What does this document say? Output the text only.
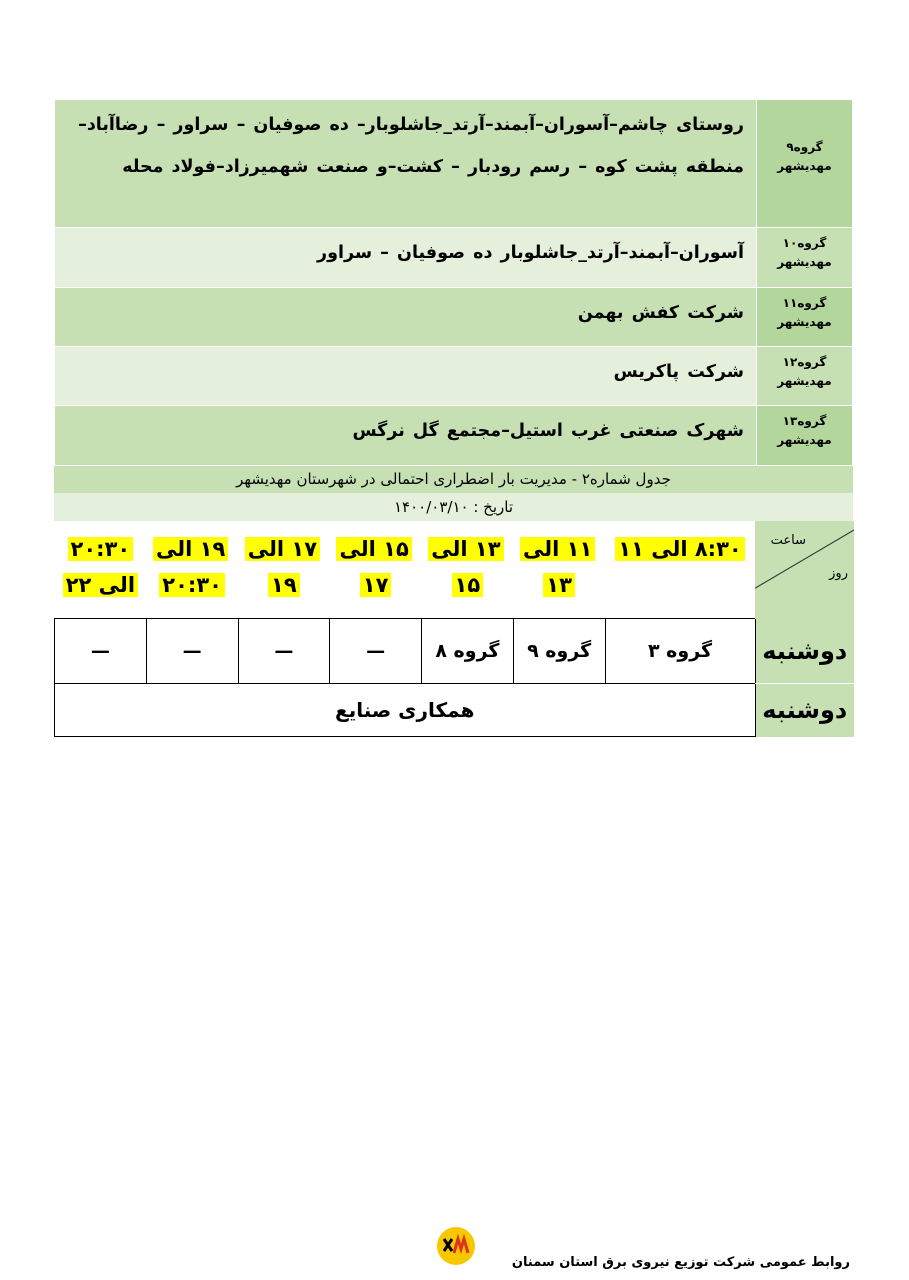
گروه۹
مهدیشهر	روستای چاشم–آسوران–آبمند–آرتد_جاشلوبار– ده صوفیان – سراور – رضاآباد–منطقه پشت کوه – رسم رودبار – کشت–و صنعت شهمیرزاد–فولاد محله

گروه۱۰
مهدیشهر	آسوران–آبمند–آرتد_جاشلوبار ده صوفیان – سراور

گروه۱۱
مهدیشهر	شرکت کفش بهمن

گروه۱۲
مهدیشهر	شرکت پاکریس

گروه۱۳
مهدیشهر	شهرک صنعتی غرب استیل–مجتمع گل نرگس
جدول شماره۲ - مدیریت بار اضطراری احتمالی در شهرستان مهدیشهر
تاریخ : ۱۴۰۰/۰۳/۱۰
ساعت
روز	۸:۳۰ الی ۱۱	۱۱ الی ۱۳	۱۳ الی ۱۵	۱۵ الی ۱۷	۱۷ الی ۱۹	۱۹ الی ۲۰:۳۰	۲۰:۳۰ الی ۲۲
دوشنبه	گروه ۳	گروه ۹	گروه ۸	—	—	—	—
دوشنبه	همکاری صنایع						
روابط عمومی شرکت توزیع نیروی برق استان سمنان
